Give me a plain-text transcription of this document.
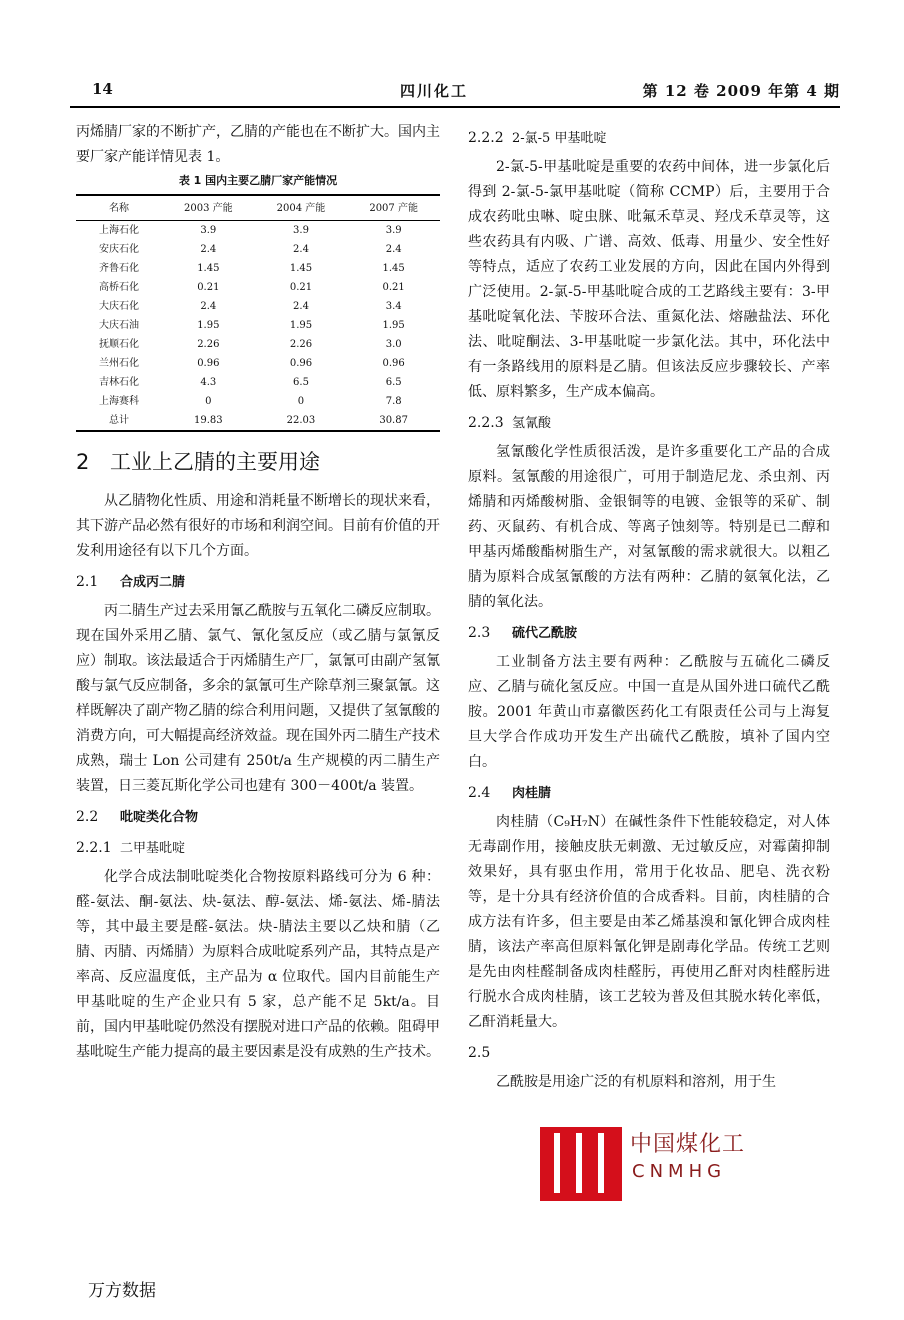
14	四川化工	第 12 卷 2009 年第 4 期

丙烯腈厂家的不断扩产，乙腈的产能也在不断扩大。国内主要厂家产能详情见表 1。

表 1 国内主要乙腈厂家产能情况
名称	2003 产能	2004 产能	2007 产能
上海石化	3.9	3.9	3.9
安庆石化	2.4	2.4	2.4
齐鲁石化	1.45	1.45	1.45
高桥石化	0.21	0.21	0.21
大庆石化	2.4	2.4	3.4
大庆石油	1.95	1.95	1.95
抚顺石化	2.26	2.26	3.0
兰州石化	0.96	0.96	0.96
吉林石化	4.3	6.5	6.5
上海赛科	0	0	7.8
总计	19.83	22.03	30.87
2 工业上乙腈的主要用途

从乙腈物化性质、用途和消耗量不断增长的现状来看，其下游产品必然有很好的市场和利润空间。目前有价值的开发利用途径有以下几个方面。

2.1 合成丙二腈

丙二腈生产过去采用氰乙酰胺与五氧化二磷反应制取。现在国外采用乙腈、氯气、氰化氢反应（或乙腈与氯氰反应）制取。该法最适合于丙烯腈生产厂，氯氰可由副产氢氰酸与氯气反应制备，多余的氯氰可生产除草剂三聚氯氰。这样既解决了副产物乙腈的综合利用问题，又提供了氢氰酸的消费方向，可大幅提高经济效益。现在国外丙二腈生产技术成熟，瑞士 Lon 公司建有 250t/a 生产规模的丙二腈生产装置，日三菱瓦斯化学公司也建有 300－400t/a 装置。

2.2 吡啶类化合物
2.2.1 二甲基吡啶

化学合成法制吡啶类化合物按原料路线可分为 6 种：醛-氨法、酮-氨法、炔-氨法、醇-氨法、烯-氨法、烯-腈法等，其中最主要是醛-氨法。炔-腈法主要以乙炔和腈（乙腈、丙腈、丙烯腈）为原料合成吡啶系列产品，其特点是产率高、反应温度低，主产品为 α 位取代。国内目前能生产甲基吡啶的生产企业只有 5 家，总产能不足 5kt/a。目前，国内甲基吡啶仍然没有摆脱对进口产品的依赖。阻碍甲基吡啶生产能力提高的最主要因素是没有成熟的生产技术。

2.2.2 2-氯-5 甲基吡啶

2-氯-5-甲基吡啶是重要的农药中间体，进一步氯化后得到 2-氯-5-氯甲基吡啶（简称 CCMP）后，主要用于合成农药吡虫啉、啶虫脒、吡氟禾草灵、羟戊禾草灵等，这些农药具有内吸、广谱、高效、低毒、用量少、安全性好等特点，适应了农药工业发展的方向，因此在国内外得到广泛使用。2-氯-5-甲基吡啶合成的工艺路线主要有：3-甲基吡啶氧化法、苄胺环合法、重氮化法、熔融盐法、环化法、吡啶酮法、3-甲基吡啶一步氯化法。其中，环化法中有一条路线用的原料是乙腈。但该法反应步骤较长、产率低、原料繁多，生产成本偏高。

2.2.3 氢氰酸

氢氰酸化学性质很活泼，是许多重要化工产品的合成原料。氢氰酸的用途很广，可用于制造尼龙、杀虫剂、丙烯腈和丙烯酸树脂、金银铜等的电镀、金银等的采矿、制药、灭鼠药、有机合成、等离子蚀刻等。特别是已二醇和甲基丙烯酸酯树脂生产，对氢氰酸的需求就很大。以粗乙腈为原料合成氢氰酸的方法有两种：乙腈的氨氧化法，乙腈的氧化法。

2.3 硫代乙酰胺

工业制备方法主要有两种：乙酰胺与五硫化二磷反应、乙腈与硫化氢反应。中国一直是从国外进口硫代乙酰胺。2001 年黄山市嘉徽医药化工有限责任公司与上海复旦大学合作成功开发生产出硫代乙酰胺，填补了国内空白。

2.4 肉桂腈

肉桂腈（C₉H₇N）在碱性条件下性能较稳定，对人体无毒副作用，接触皮肤无刺激、无过敏反应，对霉菌抑制效果好，具有驱虫作用，常用于化妆品、肥皂、洗衣粉等，是十分具有经济价值的合成香料。目前，肉桂腈的合成方法有许多，但主要是由苯乙烯基溴和氰化钾合成肉桂腈，该法产率高但原料氰化钾是剧毒化学品。传统工艺则是先由肉桂醛制备成肉桂醛肟，再使用乙酐对肉桂醛肟进行脱水合成肉桂腈，该工艺较为普及但其脱水转化率低，乙酐消耗量大。

2.5

乙酰胺是用途广泛的有机原料和溶剂，用于生

中国煤化工
CNMHG
万方数据
